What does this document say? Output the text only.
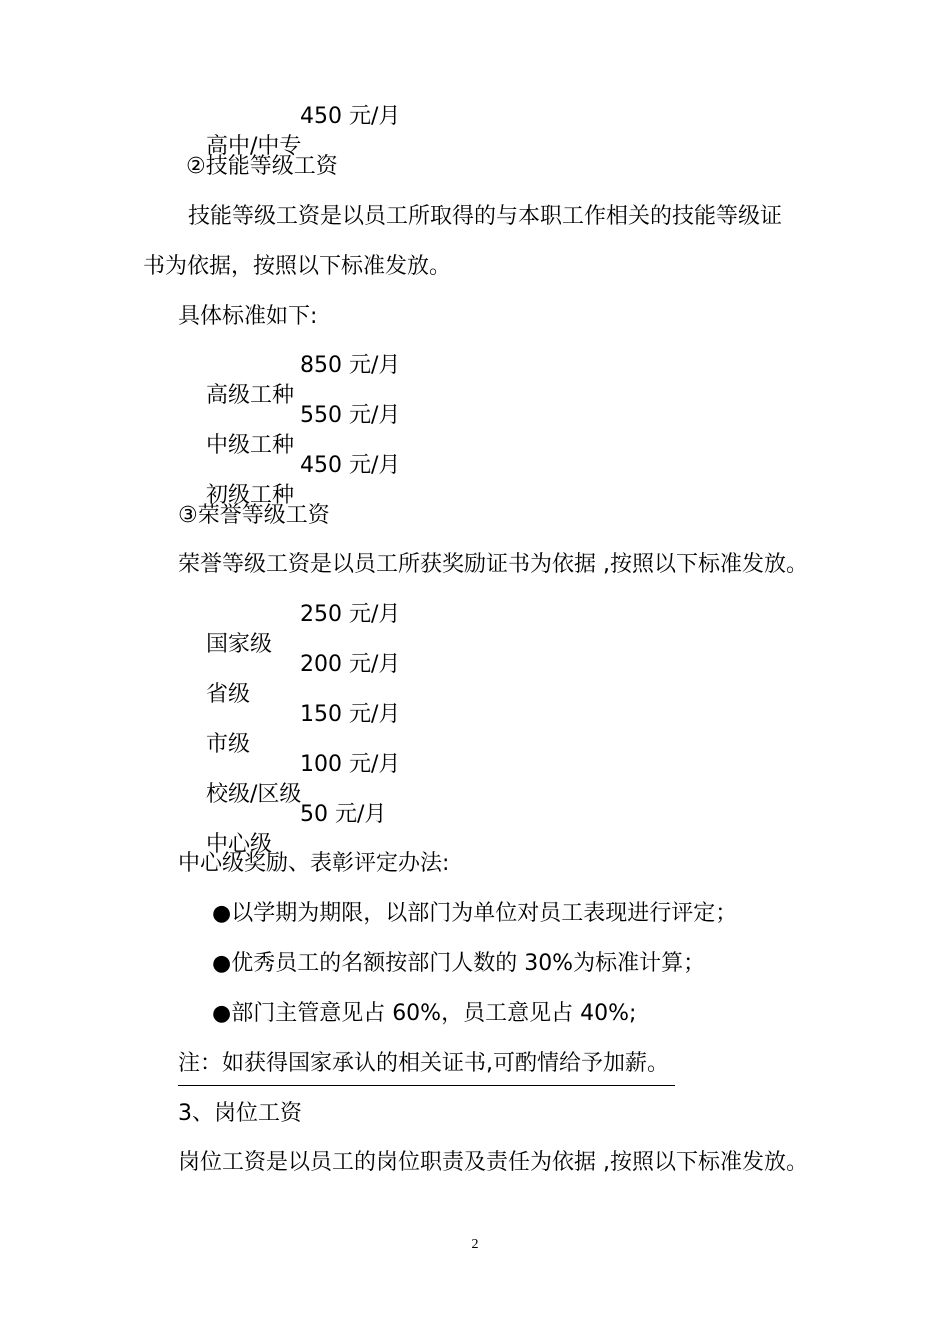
高中/中专
450 元/月

②技能等级工资
技能等级工资是以员工所取得的与本职工作相关的技能等级证
书为依据，按照以下标准发放。
具体标准如下:

高级工种
850 元/月

中级工种
550 元/月

初级工种
450 元/月

③荣誉等级工资
荣誉等级工资是以员工所获奖励证书为依据 ,按照以下标准发放。

国家级
250 元/月

省级
200 元/月

市级
150 元/月

校级/区级
100 元/月

中心级
50 元/月

中心级奖励、表彰评定办法:
●以学期为期限，以部门为单位对员工表现进行评定；
●优秀员工的名额按部门人数的 30%为标准计算；
●部门主管意见占 60%，员工意见占 40%;
注：如获得国家承认的相关证书,可酌情给予加薪。
3、岗位工资
岗位工资是以员工的岗位职责及责任为依据 ,按照以下标准发放。
2
